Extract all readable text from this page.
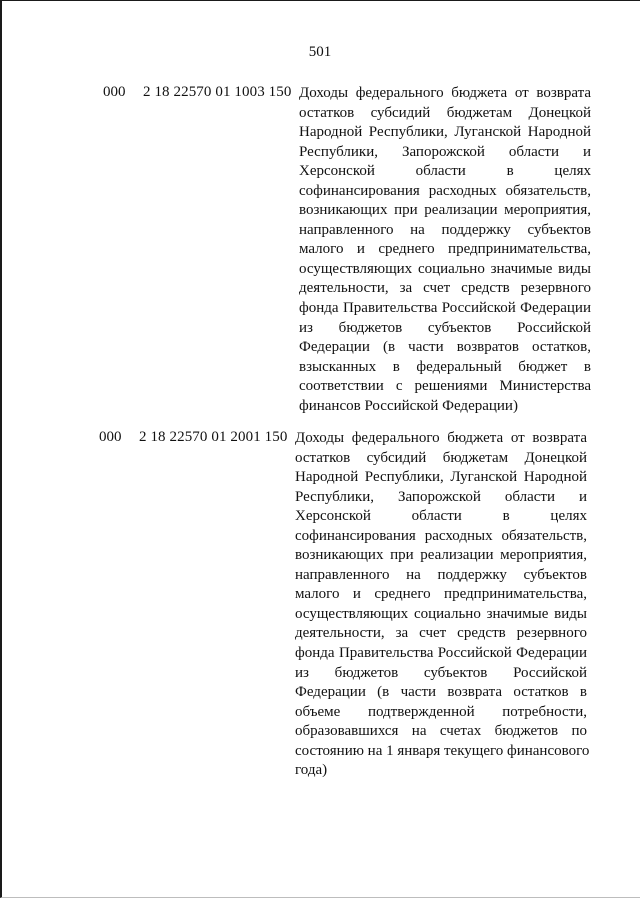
501
000 2 18 22570 01 1003 150 Доходы федерального бюджета от возврата
остатков субсидий бюджетам Донецкой
Народной Республики, Луганской Народной
Республики, Запорожской области и
Херсонской области в целях
софинансирования расходных обязательств,
возникающих при реализации мероприятия,
направленного на поддержку субъектов
малого и среднего предпринимательства,
осуществляющих социально значимые виды
деятельности, за счет средств резервного
фонда Правительства Российской Федерации
из бюджетов субъектов Российской
Федерации (в части возвратов остатков,
взысканных в федеральный бюджет в
соответствии с решениями Министерства
финансов Российской Федерации)
000 2 18 22570 01 2001 150 Доходы федерального бюджета от возврата
остатков субсидий бюджетам Донецкой
Народной Республики, Луганской Народной
Республики, Запорожской области и
Херсонской области в целях
софинансирования расходных обязательств,
возникающих при реализации мероприятия,
направленного на поддержку субъектов
малого и среднего предпринимательства,
осуществляющих социально значимые виды
деятельности, за счет средств резервного
фонда Правительства Российской Федерации
из бюджетов субъектов Российской
Федерации (в части возврата остатков в
объеме подтвержденной потребности,
образовавшихся на счетах бюджетов по
состоянию на 1 января текущего финансового
года)
